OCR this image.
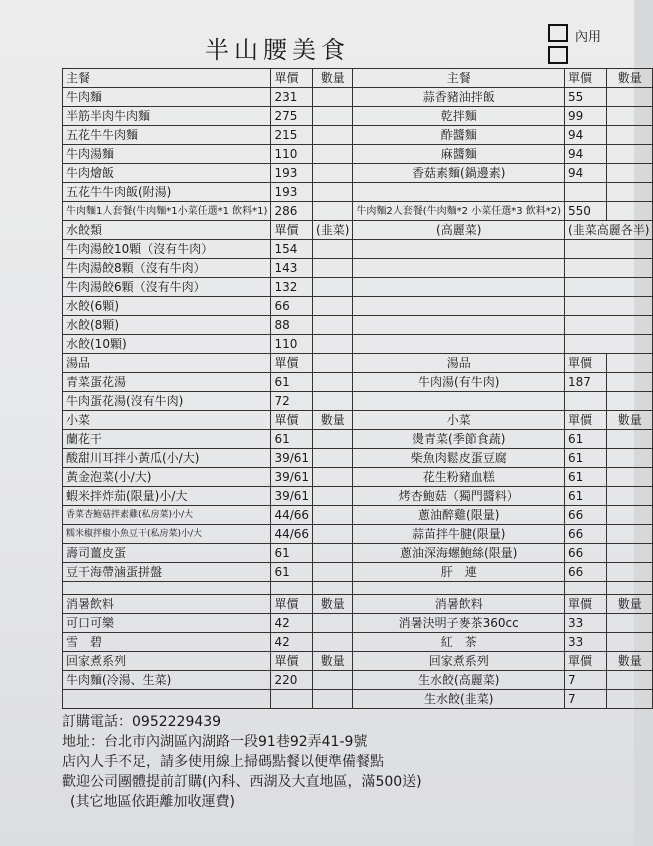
半山腰美食	內用
主餐	單價	數量	主餐	單價	數量
牛肉麵	231		蒜香豬油拌飯	55	
半筋半肉牛肉麵	275		乾拌麵	99	
五花牛牛肉麵	215		酢醬麵	94	
牛肉湯麵	110		麻醬麵	94	
牛肉燴飯	193		香菇素麵(鍋邊素)	94	
五花牛牛肉飯(附湯)	193				
牛肉麵1人套餐(牛肉麵*1小菜任選*1 飲料*1)	286		牛肉麵2人套餐(牛肉麵*2 小菜任選*3 飲料*2)	550	
水餃類	單價	(韭菜)	(高麗菜)	(韭菜高麗各半)	
牛肉湯餃10顆（沒有牛肉）	154				
牛肉湯餃8顆（沒有牛肉）	143				
牛肉湯餃6顆（沒有牛肉）	132				
水餃(6顆)	66				
水餃(8顆)	88				
水餃(10顆)	110				
湯品	單價		湯品	單價	
青菜蛋花湯	61		牛肉湯(有牛肉)	187	
牛肉蛋花湯(沒有牛肉)	72				
小菜	單價	數量	小菜	單價	數量
蘭花干	61		燙青菜(季節食蔬)	61	
酸甜川耳拌小黃瓜(小/大)	39/61		柴魚肉鬆皮蛋豆腐	61	
黃金泡菜(小/大)	39/61		花生粉豬血糕	61	
蝦米拌炸茄(限量)小/大	39/61		烤杏鮑菇（獨門醬料）	61	
香菜杏鮑菇拌素雞(私房菜)小/大	44/66		蔥油醉雞(限量)	66	
糯米椒拌椒小魚豆干(私房菜)小/大	44/66		蒜苗拌牛腱(限量)	66	
壽司薑皮蛋	61		蔥油深海螺鮑絲(限量)	66	
豆干海帶滷蛋拼盤	61		肝　連	66	

消暑飲料	單價	數量	消暑飲料	單價	數量
可口可樂	42		消暑決明子麥茶360cc	33	
雪　碧	42		紅　茶	33	
回家煮系列	單價	數量	回家煮系列	單價	數量
牛肉麵(冷湯、生菜)	220		生水餃(高麗菜)	7	
			生水餃(韭菜)	7	
訂購電話：0952229439
地址：台北市內湖區內湖路一段91巷92弄41-9號
店內人手不足，請多使用線上掃碼點餐以便準備餐點
歡迎公司團體提前訂購(內科、西湖及大直地區，滿500送)
(其它地區依距離加收運費)
